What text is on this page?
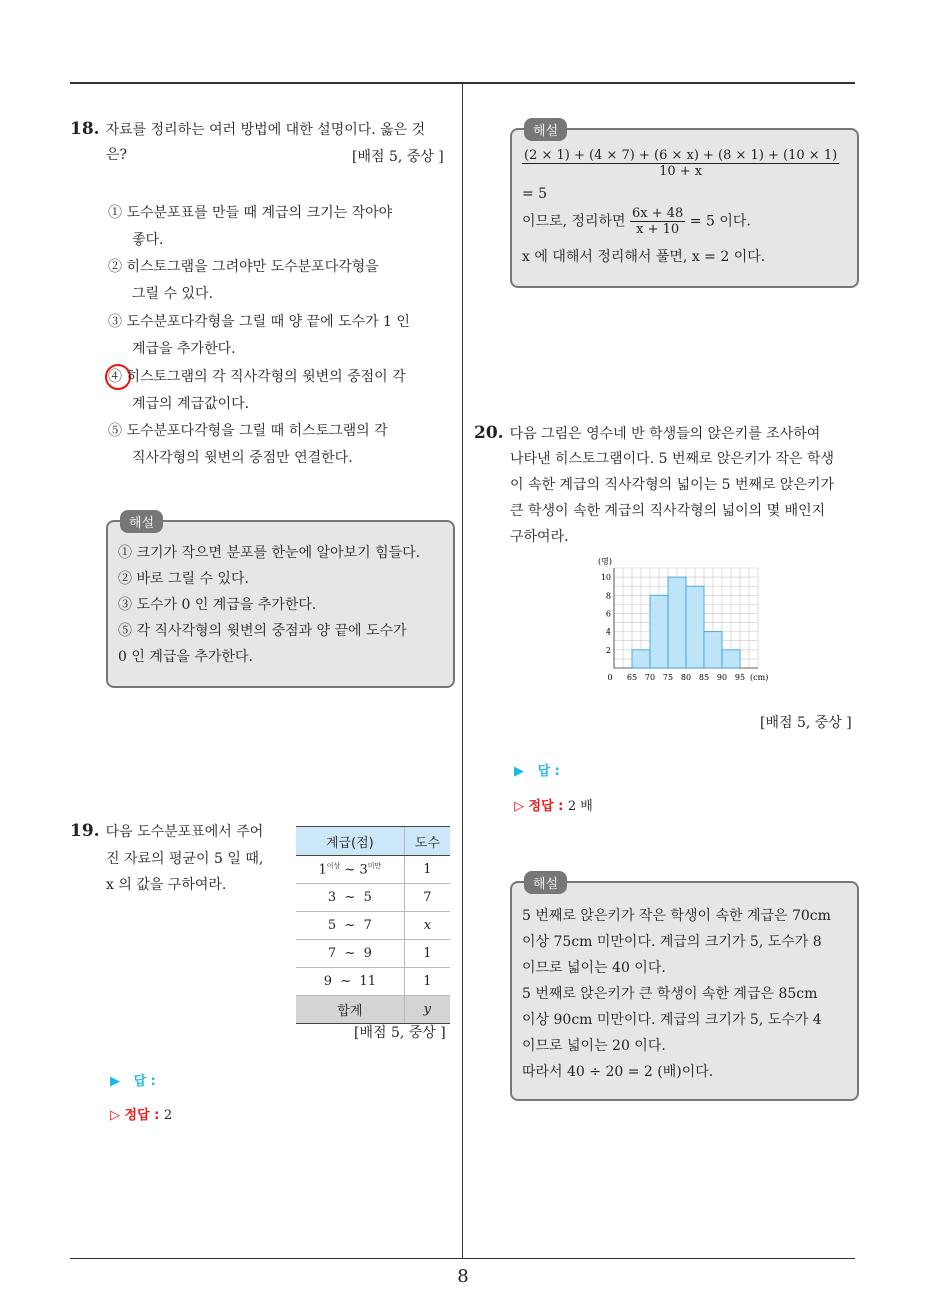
8
18. 자료를 정리하는 여러 방법에 대한 설명이다. 옳은 것
은?	[배점 5, 중상 ]
① 도수분포표를 만들 때 계급의 크기는 작아야
좋다.
② 히스토그램을 그려야만 도수분포다각형을
그릴 수 있다.
③ 도수분포다각형을 그릴 때 양 끝에 도수가 1 인
계급을 추가한다.
④ 히스토그램의 각 직사각형의 윗변의 중점이 각
계급의 계급값이다.
⑤ 도수분포다각형을 그릴 때 히스토그램의 각
직사각형의 윗변의 중점만 연결한다.
해설
① 크기가 작으면 분포를 한눈에 알아보기 힘들다.
② 바로 그릴 수 있다.
③ 도수가 0 인 계급을 추가한다.
⑤ 각 직사각형의 윗변의 중점과 양 끝에 도수가
0 인 계급을 추가한다.
19. 다음 도수분포표에서 주어
진 자료의 평균이 5 일 때,
x 의 값을 구하여라.
계급(점)	도수
$1^{이상}$ ~ $3^{미만}$	1
3  ~  5	7
5  ~  7	x
7  ~  9	1
9  ~  11	1
합계	y
[배점 5, 중상 ]
▶ 답 :
▷ 정답 : 2
해설
$\frac{(2 \times 1) + (4 \times 7) + (6 \times x) + (8 \times 1) + (10 \times 1)}{10 + x}$
= 5
이므로, 정리하면 $\frac{6x + 48}{x + 10} = 5$ 이다.
x 에 대해서 정리해서 풀면, x = 2 이다.
20. 다음 그림은 영수네 반 학생들의 앉은키를 조사하여
나타낸 히스토그램이다. 5 번째로 앉은키가 작은 학생
이 속한 계급의 직사각형의 넓이는 5 번째로 앉은키가
큰 학생이 속한 계급의 직사각형의 넓이의 몇 배인지
구하여라.
2
4
6
8
10
(명)
0 65 70 75 80 85 90 95 (cm)
[배점 5, 중상 ]
▶ 답 :
▷ 정답 : 2 배
해설
5 번째로 앉은키가 작은 학생이 속한 계급은 70cm
이상 75cm 미만이다. 계급의 크기가 5, 도수가 8
이므로 넓이는 40 이다.
5 번째로 앉은키가 큰 학생이 속한 계급은 85cm
이상 90cm 미만이다. 계급의 크기가 5, 도수가 4
이므로 넓이는 20 이다.
따라서 40 ÷ 20 = 2 (배)이다.
